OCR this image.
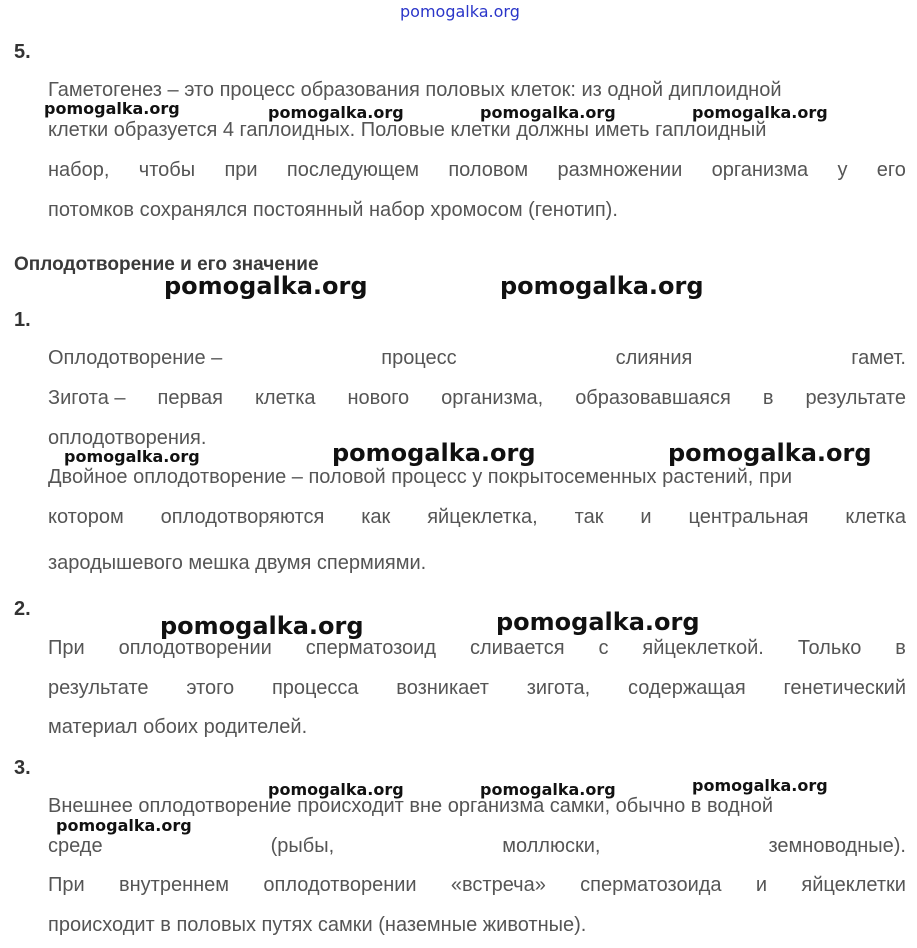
pomogalka.org
5.
Гаметогенез – это процесс образования половых клеток: из одной диплоидной
клетки образуется 4 гаплоидных. Половые клетки должны иметь гаплоидный
набор, чтобы при последующем половом размножении организма у его
потомков сохранялся постоянный набор хромосом (генотип).
Оплодотворение и его значение
1.
Оплодотворение –	процесс	слияния	гамет.
Зигота – первая клетка нового организма, образовавшаяся в результате
оплодотворения.
Двойное оплодотворение – половой процесс у покрытосеменных растений, при
котором оплодотворяются как яйцеклетка, так и центральная клетка
зародышевого мешка двумя спермиями.
2.
При оплодотворении сперматозоид сливается с яйцеклеткой. Только в
результате этого процесса возникает зигота, содержащая генетический
материал обоих родителей.
3.
Внешнее оплодотворение происходит вне организма самки, обычно в водной
среде	(рыбы,	моллюски,	земноводные).
При внутреннем оплодотворении «встреча» сперматозоида и яйцеклетки
происходит в половых путях самки (наземные животные).
pomogalka.org	pomogalka.org	pomogalka.org	pomogalka.org
pomogalka.org	pomogalka.org
pomogalka.org	pomogalka.org	pomogalka.org
pomogalka.org	pomogalka.org
pomogalka.org	pomogalka.org	pomogalka.org
pomogalka.org
